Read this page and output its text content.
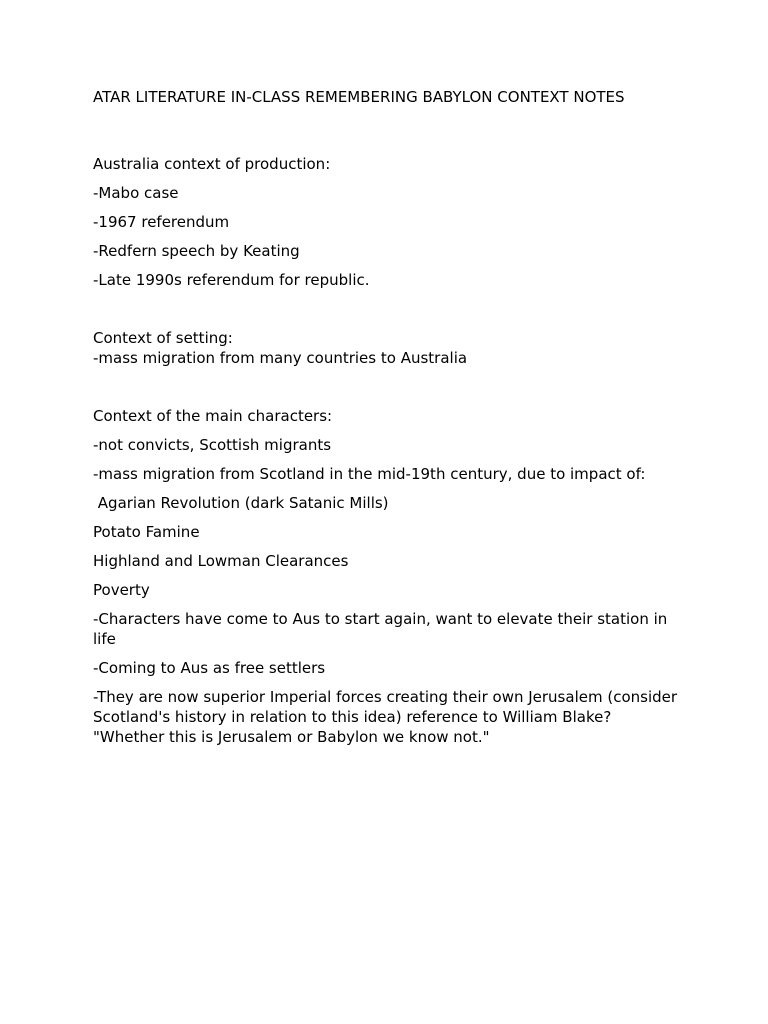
ATAR LITERATURE IN-CLASS REMEMBERING BABYLON CONTEXT NOTES

Australia context of production:

-Mabo case

-1967 referendum

-Redfern speech by Keating

-Late 1990s referendum for republic.

Context of setting:

-mass migration from many countries to Australia

Context of the main characters:

-not convicts, Scottish migrants

-mass migration from Scotland in the mid-19th century, due to impact of:

Agarian Revolution (dark Satanic Mills)

Potato Famine

Highland and Lowman Clearances

Poverty

-Characters have come to Aus to start again, want to elevate their station in life

-Coming to Aus as free settlers

-They are now superior Imperial forces creating their own Jerusalem (consider Scotland's history in relation to this idea) reference to William Blake? "Whether this is Jerusalem or Babylon we know not."
